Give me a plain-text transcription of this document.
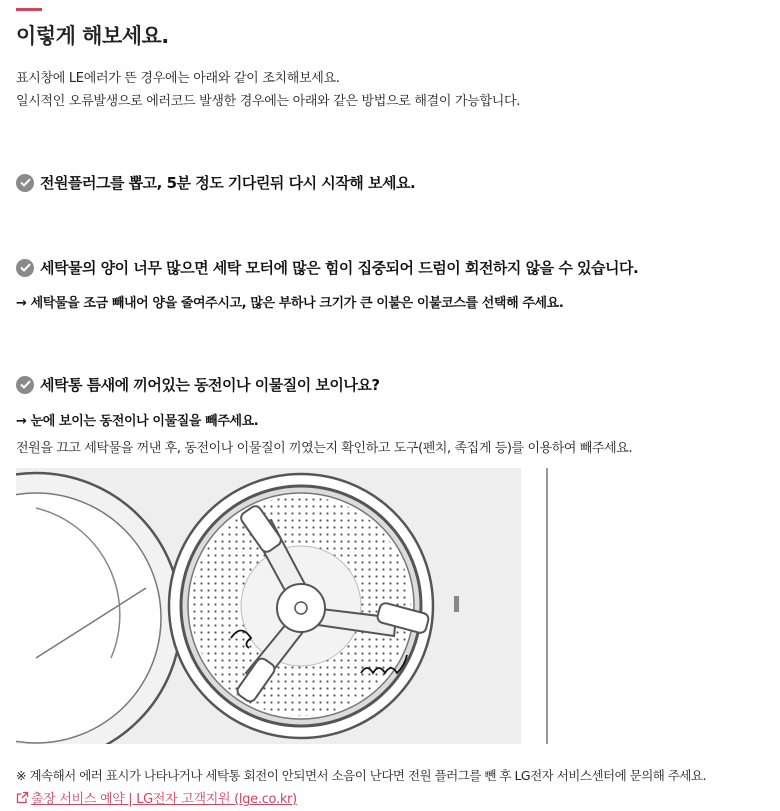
이렇게 해보세요.
표시창에 LE에러가 뜬 경우에는 아래와 같이 조치해보세요.
일시적인 오류발생으로 에러코드 발생한 경우에는 아래와 같은 방법으로 해결이 가능합니다.
전원플러그를 뽑고, 5분 정도 기다린뒤 다시 시작해 보세요.
세탁물의 양이 너무 많으면 세탁 모터에 많은 힘이 집중되어 드럼이 회전하지 않을 수 있습니다.
→ 세탁물을 조금 빼내어 양을 줄여주시고, 많은 부하나 크기가 큰 이불은 이불코스를 선택해 주세요.
세탁통 틈새에 끼어있는 동전이나 이물질이 보이나요?
→ 눈에 보이는 동전이나 이물질을 빼주세요.
전원을 끄고 세탁물을 꺼낸 후, 동전이나 이물질이 끼였는지 확인하고 도구(펜치, 족집게 등)를 이용하여 빼주세요.
※ 계속해서 에러 표시가 나타나거나 세탁통 회전이 안되면서 소음이 난다면 전원 플러그를 뺀 후 LG전자 서비스센터에 문의해 주세요.
출장 서비스 예약 | LG전자 고객지원 (lge.co.kr)
